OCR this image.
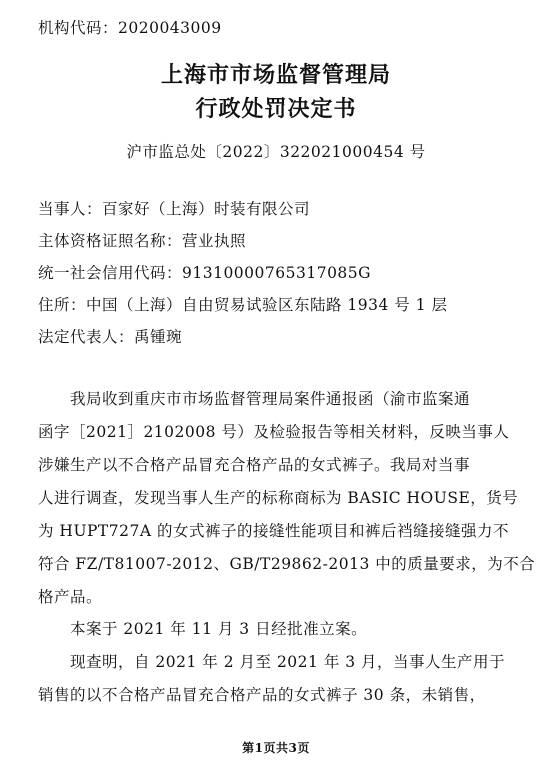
机构代码：2020043009
上海市市场监督管理局
行政处罚决定书
沪市监总处〔2022〕322021000454 号
当事人：百家好（上海）时装有限公司
主体资格证照名称：营业执照
统一社会信用代码：91310000765317085G
住所：中国（上海）自由贸易试验区东陆路 1934 号 1 层
法定代表人：禹锺琬
我局收到重庆市市场监督管理局案件通报函（渝市监案通
函字［2021］2102008 号）及检验报告等相关材料，反映当事人
涉嫌生产以不合格产品冒充合格产品的女式裤子。我局对当事
人进行调查，发现当事人生产的标称商标为 BASIC HOUSE，货号
为 HUPT727A 的女式裤子的接缝性能项目和裤后裆缝接缝强力不
符合 FZ/T81007-2012、GB/T29862-2013 中的质量要求，为不合
格产品。
本案于 2021 年 11 月 3 日经批准立案。
现查明，自 2021 年 2 月至 2021 年 3 月，当事人生产用于
销售的以不合格产品冒充合格产品的女式裤子 30 条，未销售，
第1页共3页
